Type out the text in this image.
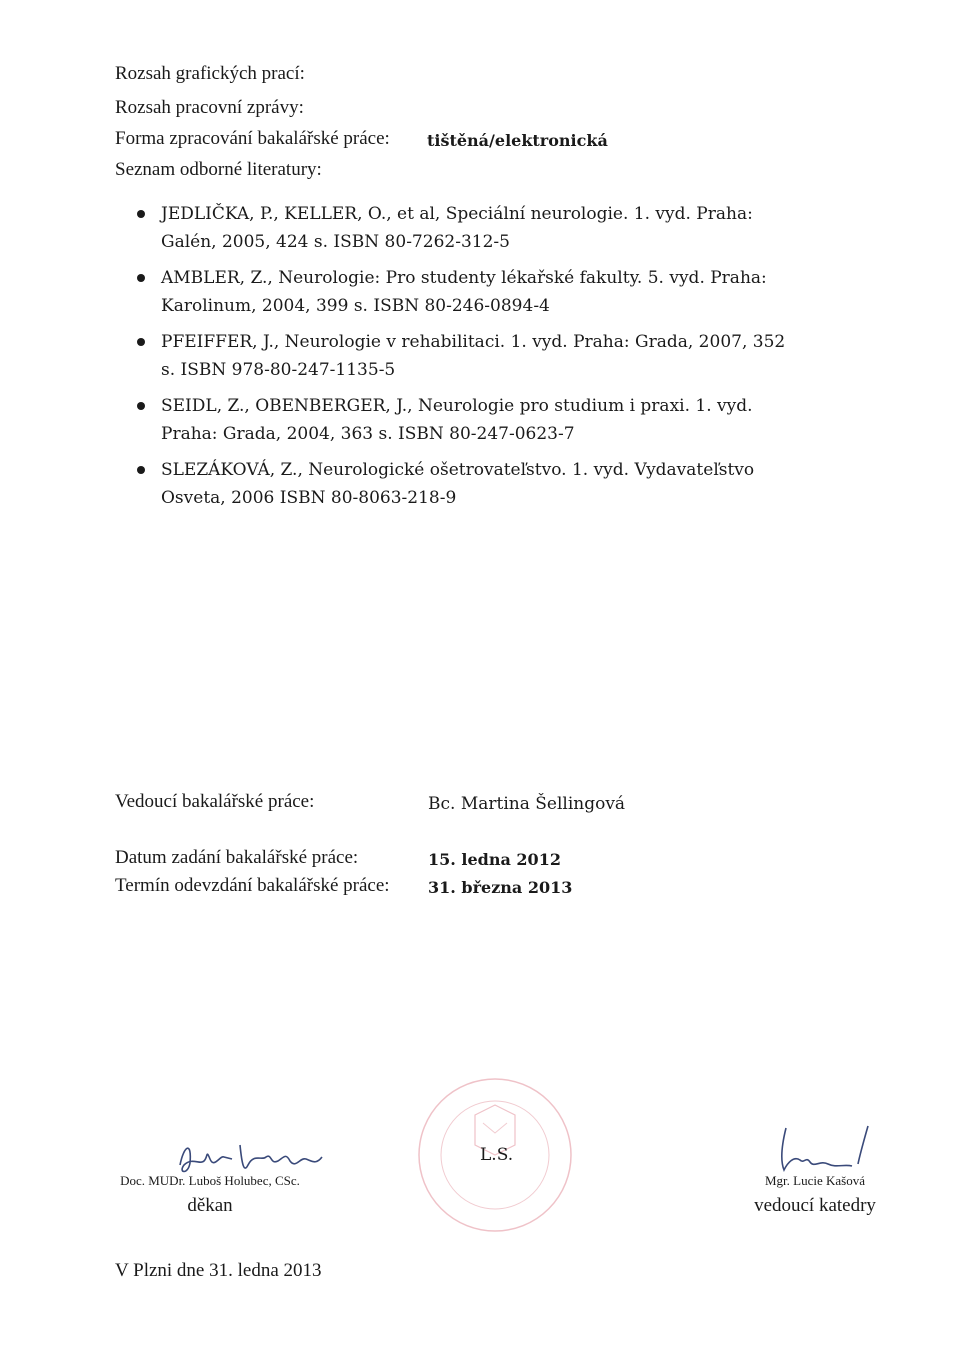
Rozsah grafických prací:
Rozsah pracovní zprávy:
Forma zpracování bakalářské práce: tištěná/elektronická
Seznam odborné literatury:
JEDLIČKA, P., KELLER, O., et al, Speciální neurologie. 1. vyd. Praha:
Galén, 2005, 424 s. ISBN 80-7262-312-5
AMBLER, Z., Neurologie: Pro studenty lékařské fakulty. 5. vyd. Praha:
Karolinum, 2004, 399 s. ISBN 80-246-0894-4
PFEIFFER, J., Neurologie v rehabilitaci. 1. vyd. Praha: Grada, 2007, 352
s. ISBN 978-80-247-1135-5
SEIDL, Z., OBENBERGER, J., Neurologie pro studium i praxi. 1. vyd.
Praha: Grada, 2004, 363 s. ISBN 80-247-0623-7
SLEZÁKOVÁ, Z., Neurologické ošetrovateľstvo. 1. vyd. Vydavateľstvo
Osveta, 2006 ISBN 80-8063-218-9
Vedoucí bakalářské práce:	Bc. Martina Šellingová
Datum zadání bakalářské práce:	15. ledna 2012
Termín odevzdání bakalářské práce: 31. března 2013
Doc. MUDr. Luboš Holubec, CSc.
děkan
L.S.
Mgr. Lucie Kašová
vedoucí katedry
V Plzni dne 31. ledna 2013
